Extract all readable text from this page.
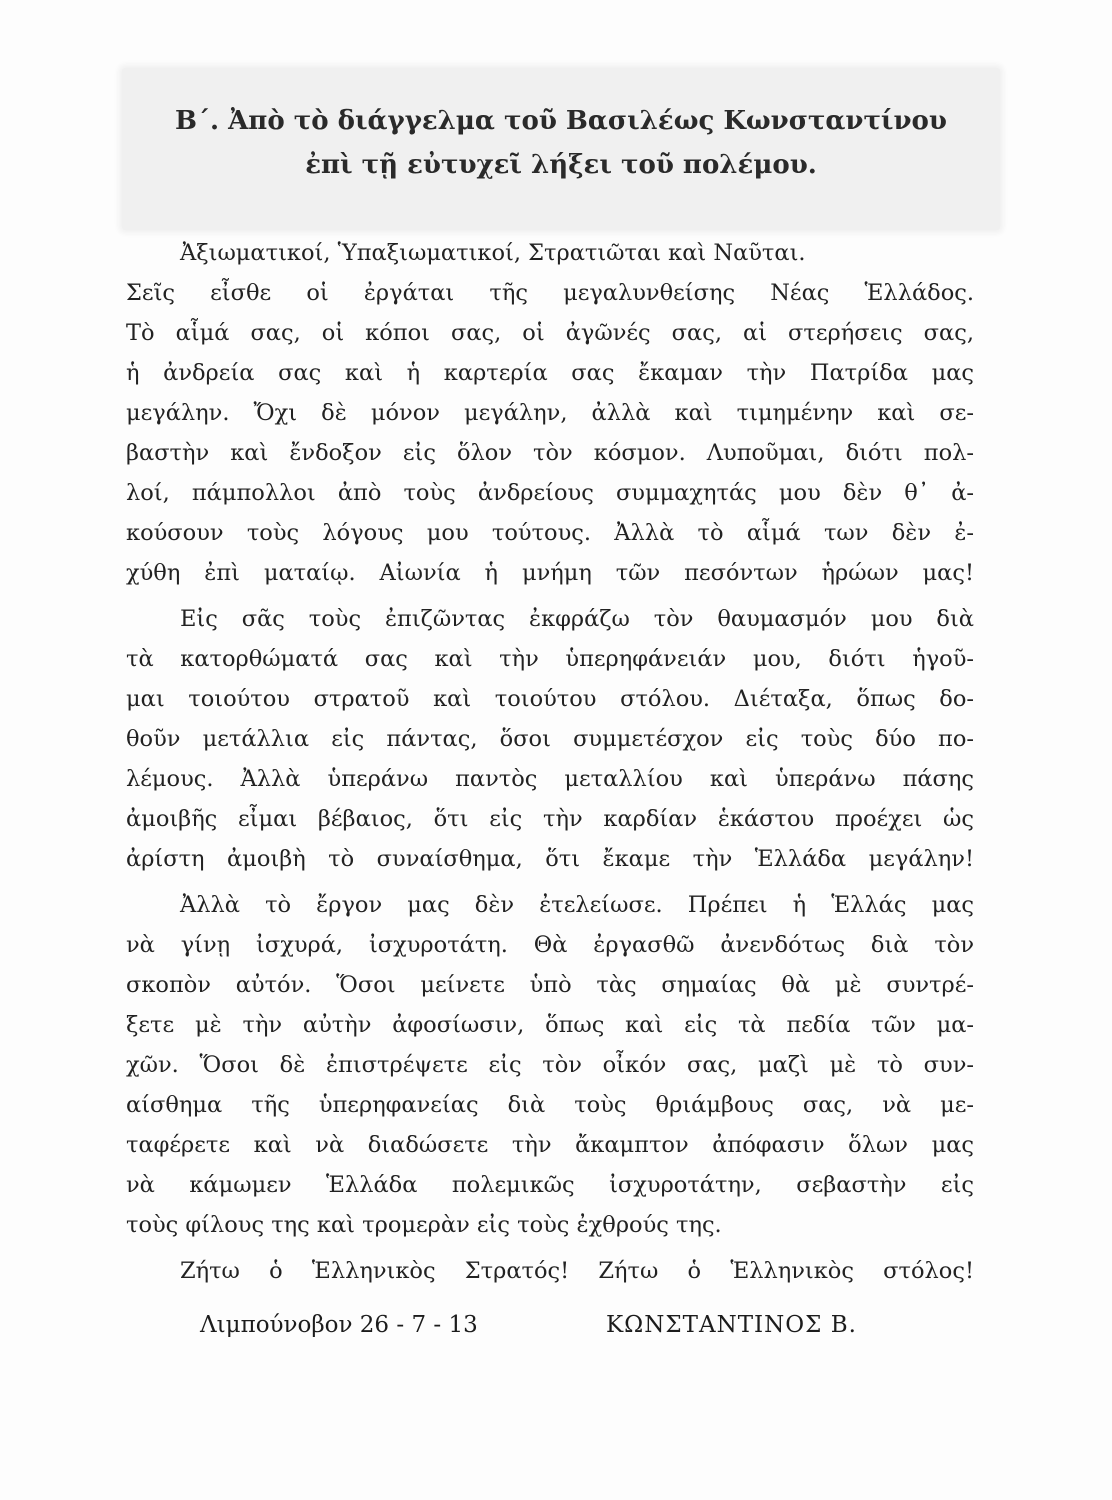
Β΄. Ἀπὸ τὸ διάγγελμα τοῦ Βασιλέως Κωνσταντίνου
ἐπὶ τῇ εὐτυχεῖ λήξει τοῦ πολέμου.
Ἀξιωματικοί, Ὑπαξιωματικοί, Στρατιῶται καὶ Ναῦται.
Σεῖς εἶσθε οἱ ἐργάται τῆς μεγαλυνθείσης Νέας Ἑλλάδος.
Τὸ αἷμά σας, οἱ κόποι σας, οἱ ἀγῶνές σας, αἱ στερήσεις σας,
ἡ ἀνδρεία σας καὶ ἡ καρτερία σας ἔκαμαν τὴν Πατρίδα μας
μεγάλην. Ὄχι δὲ μόνον μεγάλην, ἀλλὰ καὶ τιμημένην καὶ σε-
βαστὴν καὶ ἔνδοξον εἰς ὅλον τὸν κόσμον. Λυποῦμαι, διότι πολ-
λοί, πάμπολλοι ἀπὸ τοὺς ἀνδρείους συμμαχητάς μου δὲν θ᾽ ἀ-
κούσουν τοὺς λόγους μου τούτους. Ἀλλὰ τὸ αἷμά των δὲν ἐ-
χύθη ἐπὶ ματαίῳ. Αἰωνία ἡ μνήμη τῶν πεσόντων ἡρώων μας!
Εἰς σᾶς τοὺς ἐπιζῶντας ἐκφράζω τὸν θαυμασμόν μου διὰ
τὰ κατορθώματά σας καὶ τὴν ὑπερηφάνειάν μου, διότι ἡγοῦ-
μαι τοιούτου στρατοῦ καὶ τοιούτου στόλου. Διέταξα, ὅπως δο-
θοῦν μετάλλια εἰς πάντας, ὅσοι συμμετέσχον εἰς τοὺς δύο πο-
λέμους. Ἀλλὰ ὑπεράνω παντὸς μεταλλίου καὶ ὑπεράνω πάσης
ἀμοιβῆς εἶμαι βέβαιος, ὅτι εἰς τὴν καρδίαν ἑκάστου προέχει ὡς
ἀρίστη ἀμοιβὴ τὸ συναίσθημα, ὅτι ἔκαμε τὴν Ἑλλάδα μεγάλην!
Ἀλλὰ τὸ ἔργον μας δὲν ἐτελείωσε. Πρέπει ἡ Ἑλλάς μας
νὰ γίνῃ ἰσχυρά, ἰσχυροτάτη. Θὰ ἐργασθῶ ἀνενδότως διὰ τὸν
σκοπὸν αὐτόν. Ὅσοι μείνετε ὑπὸ τὰς σημαίας θὰ μὲ συντρέ-
ξετε μὲ τὴν αὐτὴν ἀφοσίωσιν, ὅπως καὶ εἰς τὰ πεδία τῶν μα-
χῶν. Ὅσοι δὲ ἐπιστρέψετε εἰς τὸν οἶκόν σας, μαζὶ μὲ τὸ συν-
αίσθημα τῆς ὑπερηφανείας διὰ τοὺς θριάμβους σας, νὰ με-
ταφέρετε καὶ νὰ διαδώσετε τὴν ἄκαμπτον ἀπόφασιν ὅλων μας
νὰ κάμωμεν Ἑλλάδα πολεμικῶς ἰσχυροτάτην, σεβαστὴν εἰς
τοὺς φίλους της καὶ τρομερὰν εἰς τοὺς ἐχθρούς της.
Ζήτω ὁ Ἑλληνικὸς Στρατός! Ζήτω ὁ Ἑλληνικὸς στόλος!
Λιμπούνοβον 26 - 7 - 13	ΚΩΝΣΤΑΝΤΙΝΟΣ Β.
